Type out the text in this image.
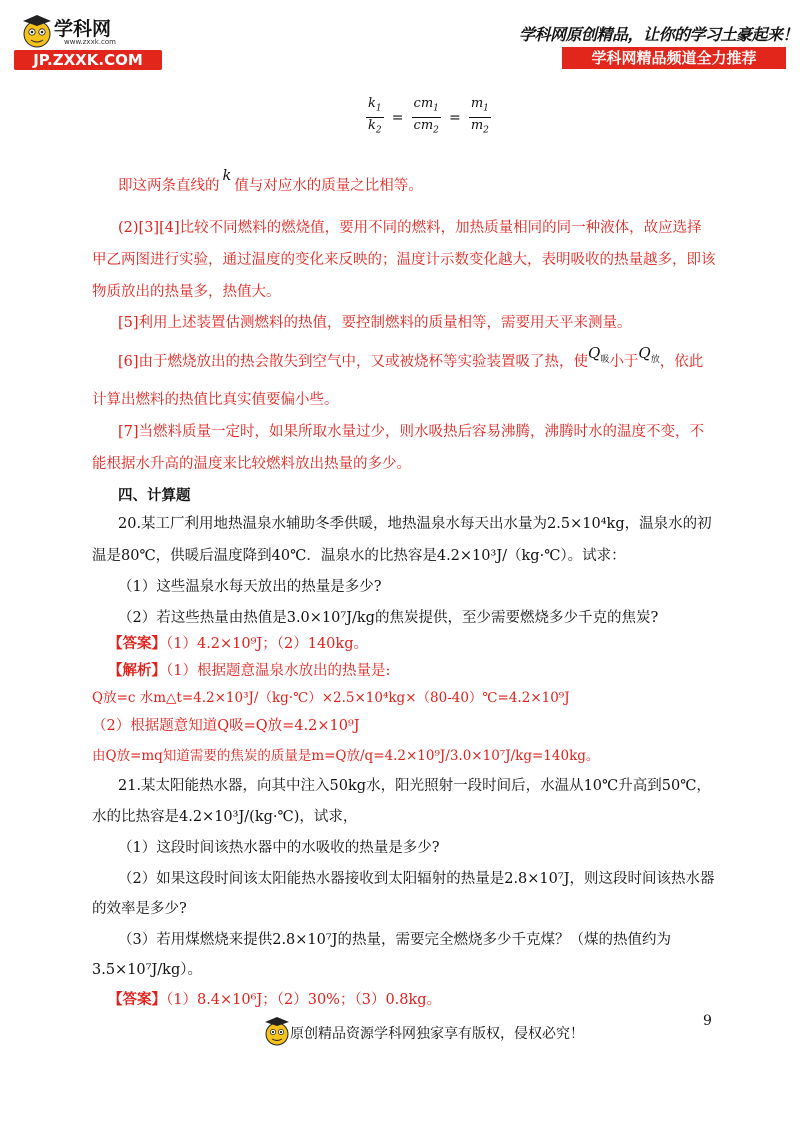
学科网
www.zxxk.com
JP.ZXXK.COM
学科网原创精品，让你的学习土豪起来！
学科网精品频道全力推荐
$\frac{k_1}{k_2} = \frac{cm_1}{cm_2} = \frac{m_1}{m_2}$
即这两条直线的k值与对应水的质量之比相等。
(2)[3][4]比较不同燃料的燃烧值，要用不同的燃料，加热质量相同的同一种液体，故应选择
甲乙两图进行实验，通过温度的变化来反映的；温度计示数变化越大，表明吸收的热量越多，即该
物质放出的热量多，热值大。
[5]利用上述装置估测燃料的热值，要控制燃料的质量相等，需要用天平来测量。
[6]由于燃烧放出的热会散失到空气中，又或被烧杯等实验装置吸了热，使$Q_吸$小于$Q_放$，依此
计算出燃料的热值比真实值要偏小些。
[7]当燃料质量一定时，如果所取水量过少，则水吸热后容易沸腾，沸腾时水的温度不变，不
能根据水升高的温度来比较燃料放出热量的多少。
四、计算题
20.某工厂利用地热温泉水辅助冬季供暖，地热温泉水每天出水量为2.5×10⁴kg，温泉水的初
温是80℃，供暖后温度降到40℃．温泉水的比热容是4.2×10³J/（kg·℃）。试求：
（1）这些温泉水每天放出的热量是多少?
（2）若这些热量由热值是3.0×10⁷J/kg的焦炭提供，至少需要燃烧多少千克的焦炭?
【答案】（1）4.2×10⁹J；（2）140kg。
【解析】（1）根据题意温泉水放出的热量是:
Q放=c 水m△t=4.2×10³J/（kg·℃）×2.5×10⁴kg×（80-40）℃=4.2×10⁹J
（2）根据题意知道Q吸=Q放=4.2×10⁹J
由Q放=mq知道需要的焦炭的质量是m=Q放/q=4.2×10⁹J/3.0×10⁷J/kg=140kg。
21.某太阳能热水器，向其中注入50kg水，阳光照射一段时间后，水温从10℃升高到50℃，
水的比热容是4.2×10³J/(kg·℃)，试求，
（1）这段时间该热水器中的水吸收的热量是多少?
（2）如果这段时间该太阳能热水器接收到太阳辐射的热量是2.8×10⁷J，则这段时间该热水器
的效率是多少?
（3）若用煤燃烧来提供2.8×10⁷J的热量，需要完全燃烧多少千克煤？（煤的热值约为
3.5×10⁷J/kg）。
【答案】（1）8.4×10⁶J；（2）30%；（3）0.8kg。
9
原创精品资源学科网独家享有版权，侵权必究！
